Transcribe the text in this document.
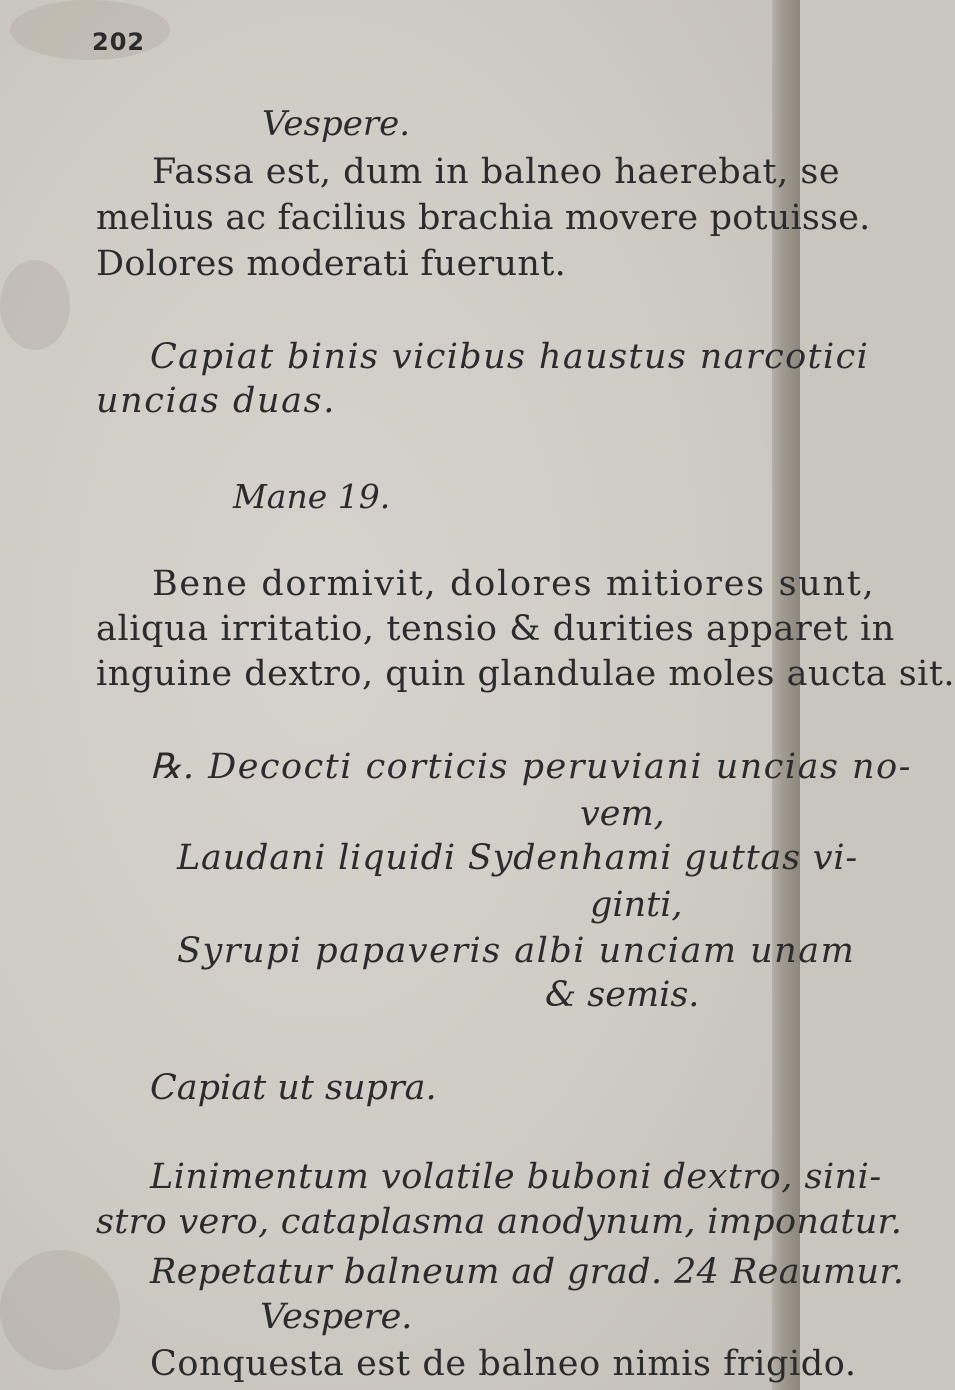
202
Vespere.
Fassa est, dum in balneo haerebat, se
melius ac facilius brachia movere potuisse.
Dolores moderati fuerunt.
Capiat binis vicibus haustus narcotici
uncias duas.
Mane 19.
Bene dormivit, dolores mitiores sunt,
aliqua irritatio, tensio & durities apparet in
inguine dextro, quin glandulae moles aucta sit.
℞. Decocti corticis peruviani uncias no-
vem,
Laudani liquidi Sydenhami guttas vi-
ginti,
Syrupi papaveris albi unciam unam
& semis.
Capiat ut supra.
Linimentum volatile buboni dextro, sini-
stro vero, cataplasma anodynum, imponatur.
Repetatur balneum ad grad. 24 Reaumur.
Vespere.
Conquesta est de balneo nimis frigido.
